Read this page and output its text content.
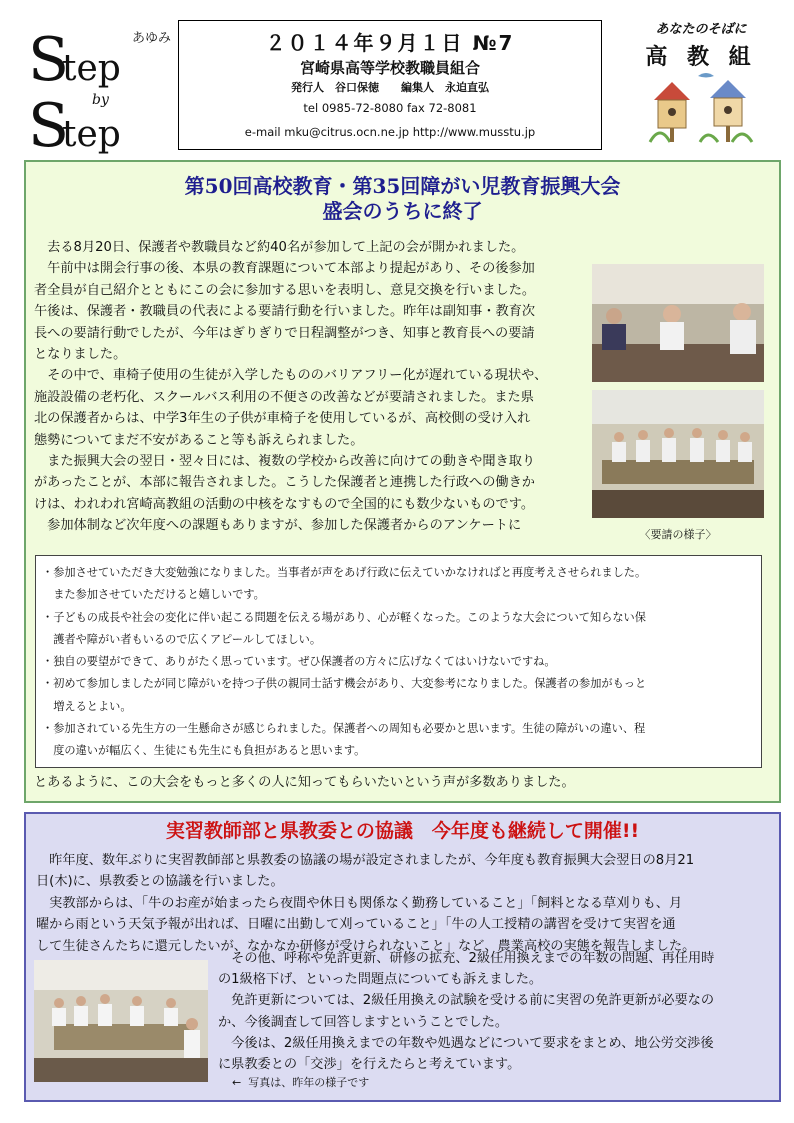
S
tep
S
tep
by
あゆみ	２０１４年９月１日 №7
宮崎県高等学校教職員組合
発行人　谷口保徳　　編集人　永迫直弘
tel 0985-72-8080 fax 72-8081
e-mail mku@citrus.ocn.ne.jp http://www.musstu.jp
あなたのそばに
高 教 組
第50回高校教育・第35回障がい児教育振興大会
盛会のうちに終了
　去る8月20日、保護者や教職員など約40名が参加して上記の会が開かれました。
　午前中は開会行事の後、本県の教育課題について本部より提起があり、その後参加
者全員が自己紹介とともにこの会に参加する思いを表明し、意見交換を行いました。
午後は、保護者・教職員の代表による要請行動を行いました。昨年は副知事・教育次
長への要請行動でしたが、今年はぎりぎりで日程調整がつき、知事と教育長への要請
となりました。
　その中で、車椅子使用の生徒が入学したもののバリアフリー化が遅れている現状や、
施設設備の老朽化、スクールバス利用の不便さの改善などが要請されました。また県
北の保護者からは、中学3年生の子供が車椅子を使用しているが、高校側の受け入れ
態勢についてまだ不安があること等も訴えられました。
　また振興大会の翌日・翌々日には、複数の学校から改善に向けての動きや聞き取り
があったことが、本部に報告されました。こうした保護者と連携した行政への働きか
けは、われわれ宮崎高教組の活動の中核をなすもので全国的にも数少ないものです。
　参加体制など次年度への課題もありますが、参加した保護者からのアンケートに
〈要請の様子〉
・参加させていただき大変勉強になりました。当事者が声をあげ行政に伝えていかなければと再度考えさせられました。
　また参加させていただけると嬉しいです。
・子どもの成長や社会の変化に伴い起こる問題を伝える場があり、心が軽くなった。このような大会について知らない保
　護者や障がい者もいるので広くアピールしてほしい。
・独自の要望ができて、ありがたく思っています。ぜひ保護者の方々に広げなくてはいけないですね。
・初めて参加しましたが同じ障がいを持つ子供の親同士話す機会があり、大変参考になりました。保護者の参加がもっと
　増えるとよい。
・参加されている先生方の一生懸命さが感じられました。保護者への周知も必要かと思います。生徒の障がいの違い、程
　度の違いが幅広く、生徒にも先生にも負担があると思います。
とあるように、この大会をもっと多くの人に知ってもらいたいという声が多数ありました。
実習教師部と県教委との協議　今年度も継続して開催!!
　昨年度、数年ぶりに実習教師部と県教委の協議の場が設定されましたが、今年度も教育振興大会翌日の8月21
日(木)に、県教委との協議を行いました。
　実教部からは、「牛のお産が始まったら夜間や休日も関係なく勤務していること」「飼料となる草刈りも、月
曜から雨という天気予報が出れば、日曜に出勤して刈っていること」「牛の人工授精の講習を受けて実習を通
して生徒さんたちに還元したいが、なかなか研修が受けられないこと」など、農業高校の実態を報告しました。
　その他、呼称や免許更新、研修の拡充、2級任用換えまでの年数の問題、再任用時
の1級格下げ、といった問題点についても訴えました。
　免許更新については、2級任用換えの試験を受ける前に実習の免許更新が必要なの
か、今後調査して回答しますということでした。
　今後は、2級任用換えまでの年数や処遇などについて要求をまとめ、地公労交渉後
に県教委との「交渉」を行えたらと考えています。
←  写真は、昨年の様子です
